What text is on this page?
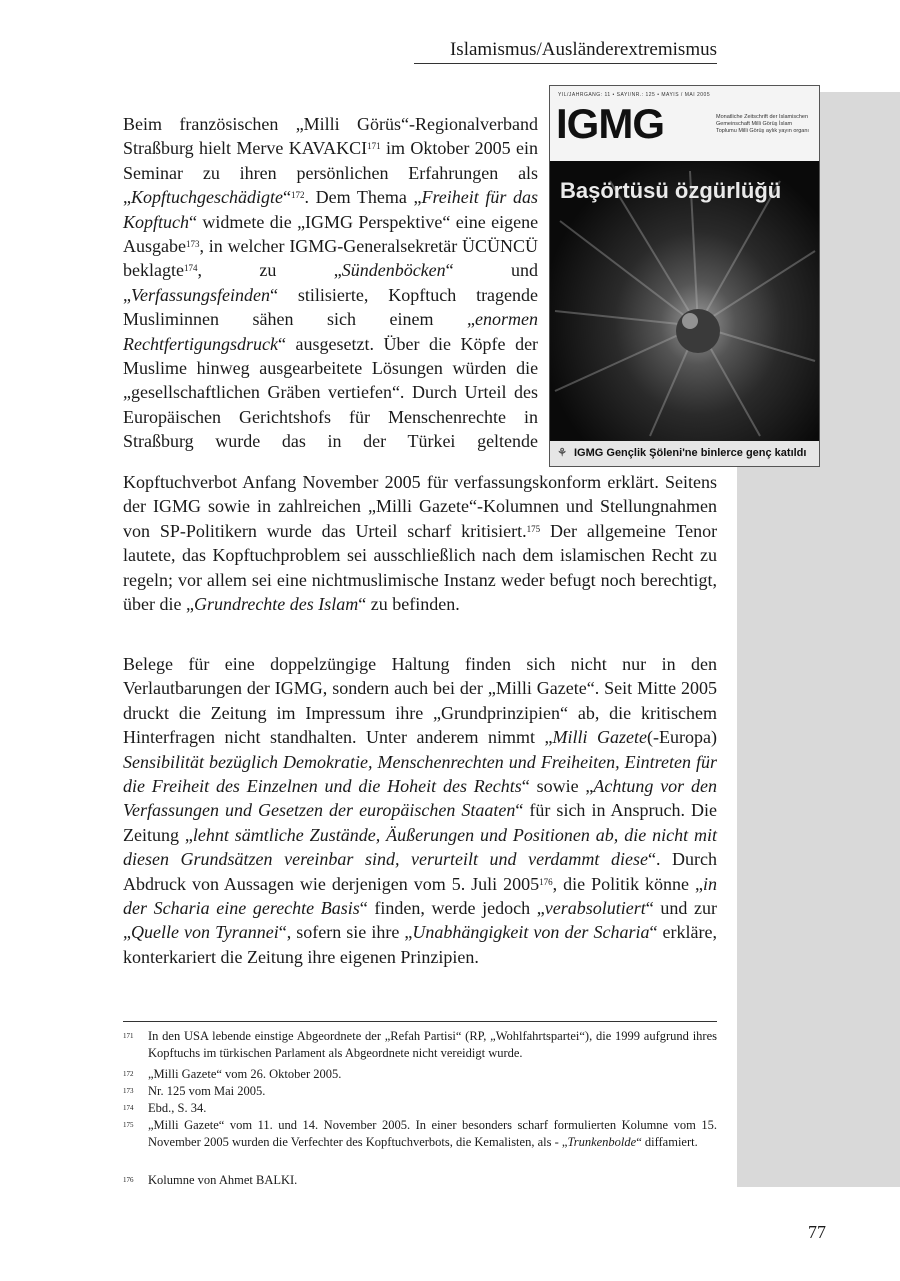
Islamismus/Ausländerextremismus
YIL/JAHRGANG: 11 • SAYI/NR.: 125 • MAYIS / MAI 2005
IGMG	Monatliche Zeitschrift der Islamischen Gemeinschaft Milli Görüş İslam Toplumu Milli Görüş aylık yayın organı
Başörtüsü özgürlüğü
⚘ IGMG Gençlik Şöleni'ne binlerce genç katıldı

Beim französischen „Milli Görüs“-Regionalverband Straßburg hielt Merve KAVAKCI$^{171}$ im Oktober 2005 ein Seminar zu ihren persönlichen Erfahrungen als „Kopftuchgeschädigte“$^{172}$. Dem Thema „Freiheit für das Kopftuch“ widmete die „IGMG Perspektive“ eine eigene Ausgabe$^{173}$, in welcher IGMG-Generalsekretär ÜCÜNCÜ beklagte$^{174}$,	zu	„Sündenböcken“	und „Verfassungsfeinden“ stilisierte, Kopftuch tragende Musliminnen sähen sich einem „enormen Rechtfertigungsdruck“ ausgesetzt. Über die Köpfe der Muslime hinweg ausgearbeitete Lösungen würden die „gesellschaftlichen Gräben vertiefen“. Durch Urteil des Europäischen Gerichtshofs für Menschenrechte in Straßburg wurde das in der Türkei geltende

Belege für eine doppelzüngige Haltung finden sich nicht nur in den Verlautbarungen der IGMG, sondern auch bei der „Milli Gazete“. Seit Mitte 2005 druckt die Zeitung im Impressum ihre „Grundprinzipien“ ab, die kritischem Hinterfragen nicht standhalten. Unter anderem nimmt „Milli Gazete(-Europa) Sensibilität bezüglich Demokratie, Menschenrechten und Freiheiten, Eintreten für die Freiheit des Einzelnen und die Hoheit des Rechts“ sowie „Achtung vor den Verfassungen und Gesetzen der europäischen Staaten“ für sich in Anspruch. Die Zeitung „lehnt sämtliche Zustände, Äußerungen und Positionen ab, die nicht mit diesen Grundsätzen vereinbar sind, verurteilt und verdammt diese“. Durch Abdruck von Aussagen wie derjenigen vom 5. Juli 2005$^{176}$, die Politik könne „in der Scharia eine gerechte Basis“ finden, werde jedoch „verabsolutiert“ und zur „Quelle von Tyrannei“, sofern sie ihre „Unabhängigkeit von der Scharia“ erkläre, konterkariert die Zeitung ihre eigenen Prinzipien.

171 In den USA lebende einstige Abgeordnete der „Refah Partisi“ (RP, „Wohlfahrtspartei“), die 1999 aufgrund ihres Kopftuchs im türkischen Parlament als Abgeordnete nicht vereidigt wurde.
172 „Milli Gazete“ vom 26. Oktober 2005.
173 Nr. 125 vom Mai 2005.
174 Ebd., S. 34.
175 „Milli Gazete“ vom 11. und 14. November 2005. In einer besonders scharf formulierten Kolumne vom 15. November 2005 wurden die Verfechter des Kopftuchverbots, die Kemalisten, als - „Trunkenbolde“ diffamiert.
176 Kolumne von Ahmet BALKI.
77

Kopftuchverbot Anfang November 2005 für verfassungskonform erklärt. Seitens der IGMG sowie in zahlreichen „Milli Gazete“-Kolumnen und Stellungnahmen von SP-Politikern wurde das Urteil scharf kritisiert.$^{175}$ Der allgemeine Tenor lautete, das Kopftuchproblem sei ausschließlich nach dem islamischen Recht zu regeln; vor allem sei eine nichtmuslimische Instanz weder befugt noch berechtigt, über die „Grundrechte des Islam“ zu befinden.
